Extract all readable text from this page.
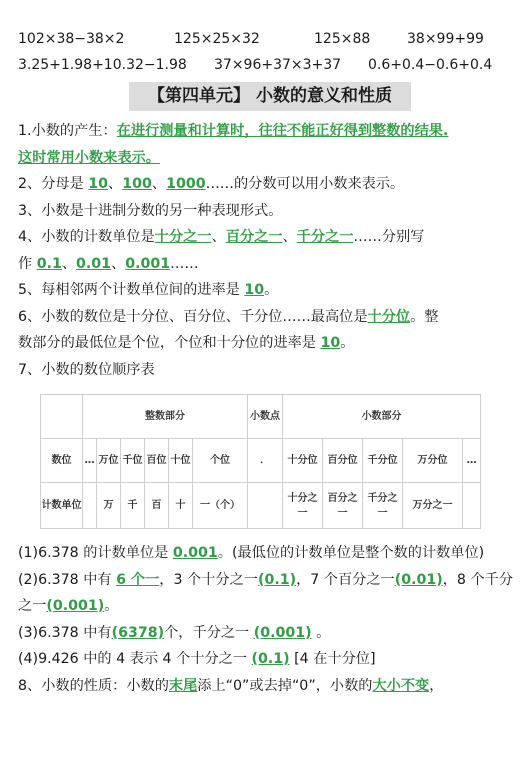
102×38−38×2	125×25×32	125×88	38×99+99
3.25+1.98+10.32−1.98 37×96+37×3+37 0.6+0.4−0.6+0.4
【第四单元】 小数的意义和性质

1.小数的产生：在进行测量和计算时，往往不能正好得到整数的结果.

这时常用小数来表示。

2、分母是 10、100、1000……的分数可以用小数来表示。

3、小数是十进制分数的另一种表现形式。

4、小数的计数单位是十分之一、百分之一、千分之一……分别写

作 0.1、0.01、0.001……

5、每相邻两个计数单位间的进率是 10。

6、小数的数位是十分位、百分位、千分位……最高位是十分位。整

数部分的最低位是个位，个位和十分位的进率是 10。

7、小数的数位顺序表

	整数部分						小数点	小数部分				
数位	…	万位	千位	百位	十位	个位	．	十分位	百分位	千分位	万分位	…
计数单位		万	千	百	十	一（个）		十分之一	百分之一	千分之一	万分之一	

(1)6.378 的计数单位是 0.001。(最低位的计数单位是整个数的计数单位)

(2)6.378 中有 6 个一，3 个十分之一(0.1)，7 个百分之一(0.01)，8 个千分之一(0.001)。

(3)6.378 中有(6378)个，千分之一 (0.001) 。

(4)9.426 中的 4 表示 4 个十分之一 (0.1) [4 在十分位]

8、小数的性质：小数的末尾添上“0”或去掉“0”，小数的大小不变，
